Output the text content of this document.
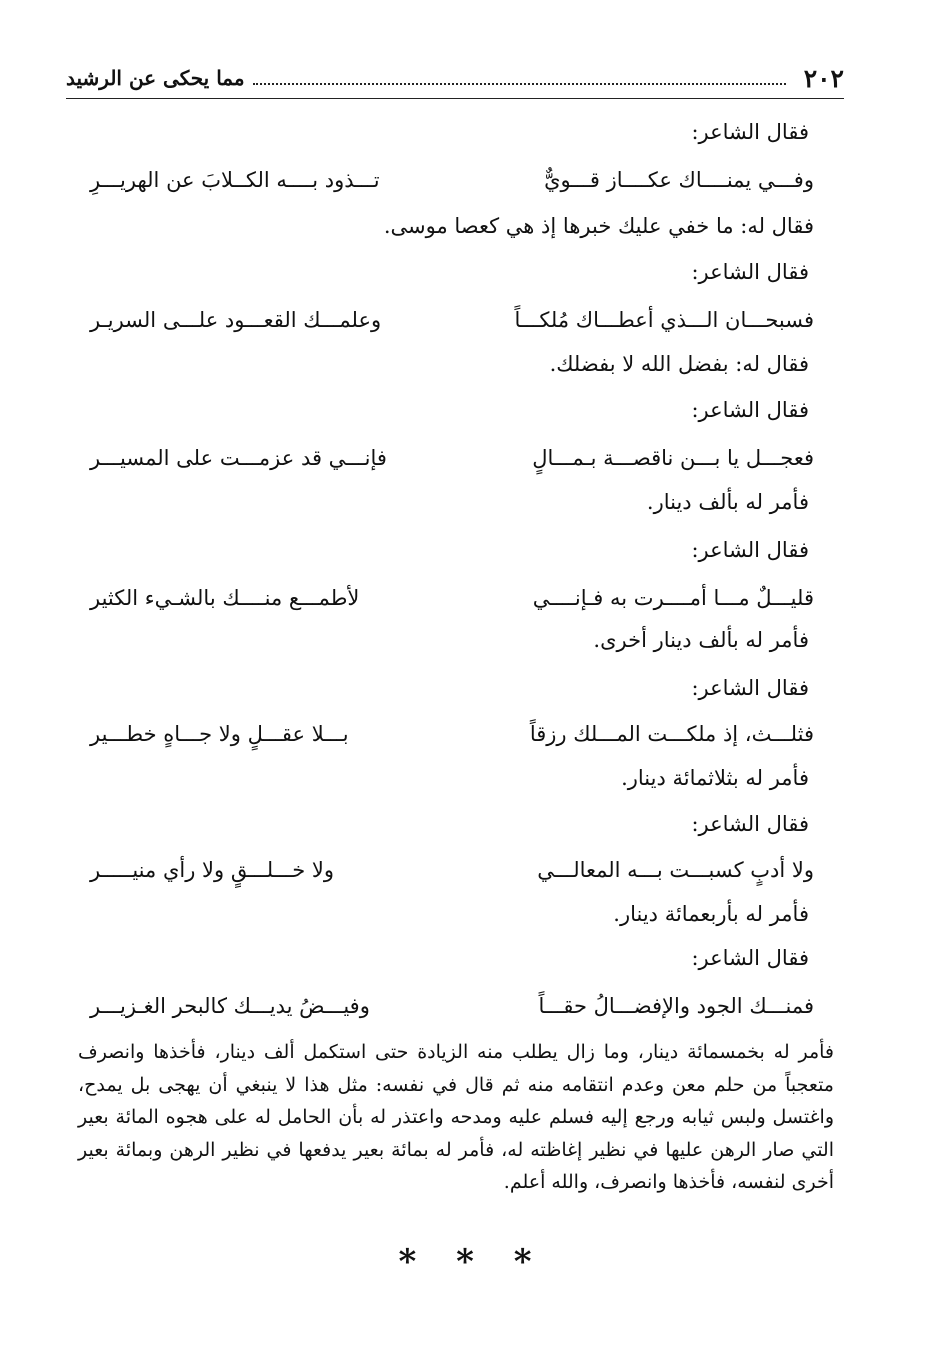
٢٠٢
مما يحكى عن الرشيد
فقال الشاعر:
وفـــي يمنــــاك عكــــاز قـــويٌّ
تـــذود بــــه الكــلابَ عن الهريـــرِ
فقال له: ما خفي عليك خبرها إذ هي كعصا موسى.
فقال الشاعر:
فسبحـــان الـــذي أعطـــاك مُلكـــاً
وعلمـــك القعـــود علـــى السريـر
فقال له: بفضل الله لا بفضلك.
فقال الشاعر:
فعجـــل يا بـــن ناقصـــة بـمـــالٍ
فإنـــي قد عزمـــت على المسيـــر
فأمر له بألف دينار.
فقال الشاعر:
قليـــلٌ مـــا أمــــرت به فـإنــــي
لأطمـــع منــــك بالشـيء الكثير
فأمر له بألف دينار أخرى.
فقال الشاعر:
فثلـــث، إذ ملكـــت المـــلك رزقاً
بـــلا عقـــلٍ ولا جـــاهٍ خطـــير
فأمر له بثلاثمائة دينار.
فقال الشاعر:
ولا أدبٍ كسبـــت بـــه المعالـــي
ولا خـــلـــقٍ ولا رأي منيـــــر
فأمر له بأربعمائة دينار.
فقال الشاعر:
فمنـــك الجود والإفضـــالُ حقـــاً
وفيـــضُ يديـــك كالبحر الغـزيـــر

فأمر له بخمسمائة دينار، وما زال يطلب منه الزيادة حتى استكمل ألف دينار، فأخذها وانصرف متعجباً من حلم معن وعدم انتقامه منه ثم قال في نفسه: مثل هذا لا ينبغي أن يهجى بل يمدح، واغتسل ولبس ثيابه ورجع إليه فسلم عليه ومدحه واعتذر له بأن الحامل له على هجوه المائة بعير التي صار الرهن عليها في نظير إغاظته له، فأمر له بمائة بعير يدفعها في نظير الرهن وبمائة بعير أخرى لنفسه، فأخذها وانصرف، والله أعلم.

* * *
